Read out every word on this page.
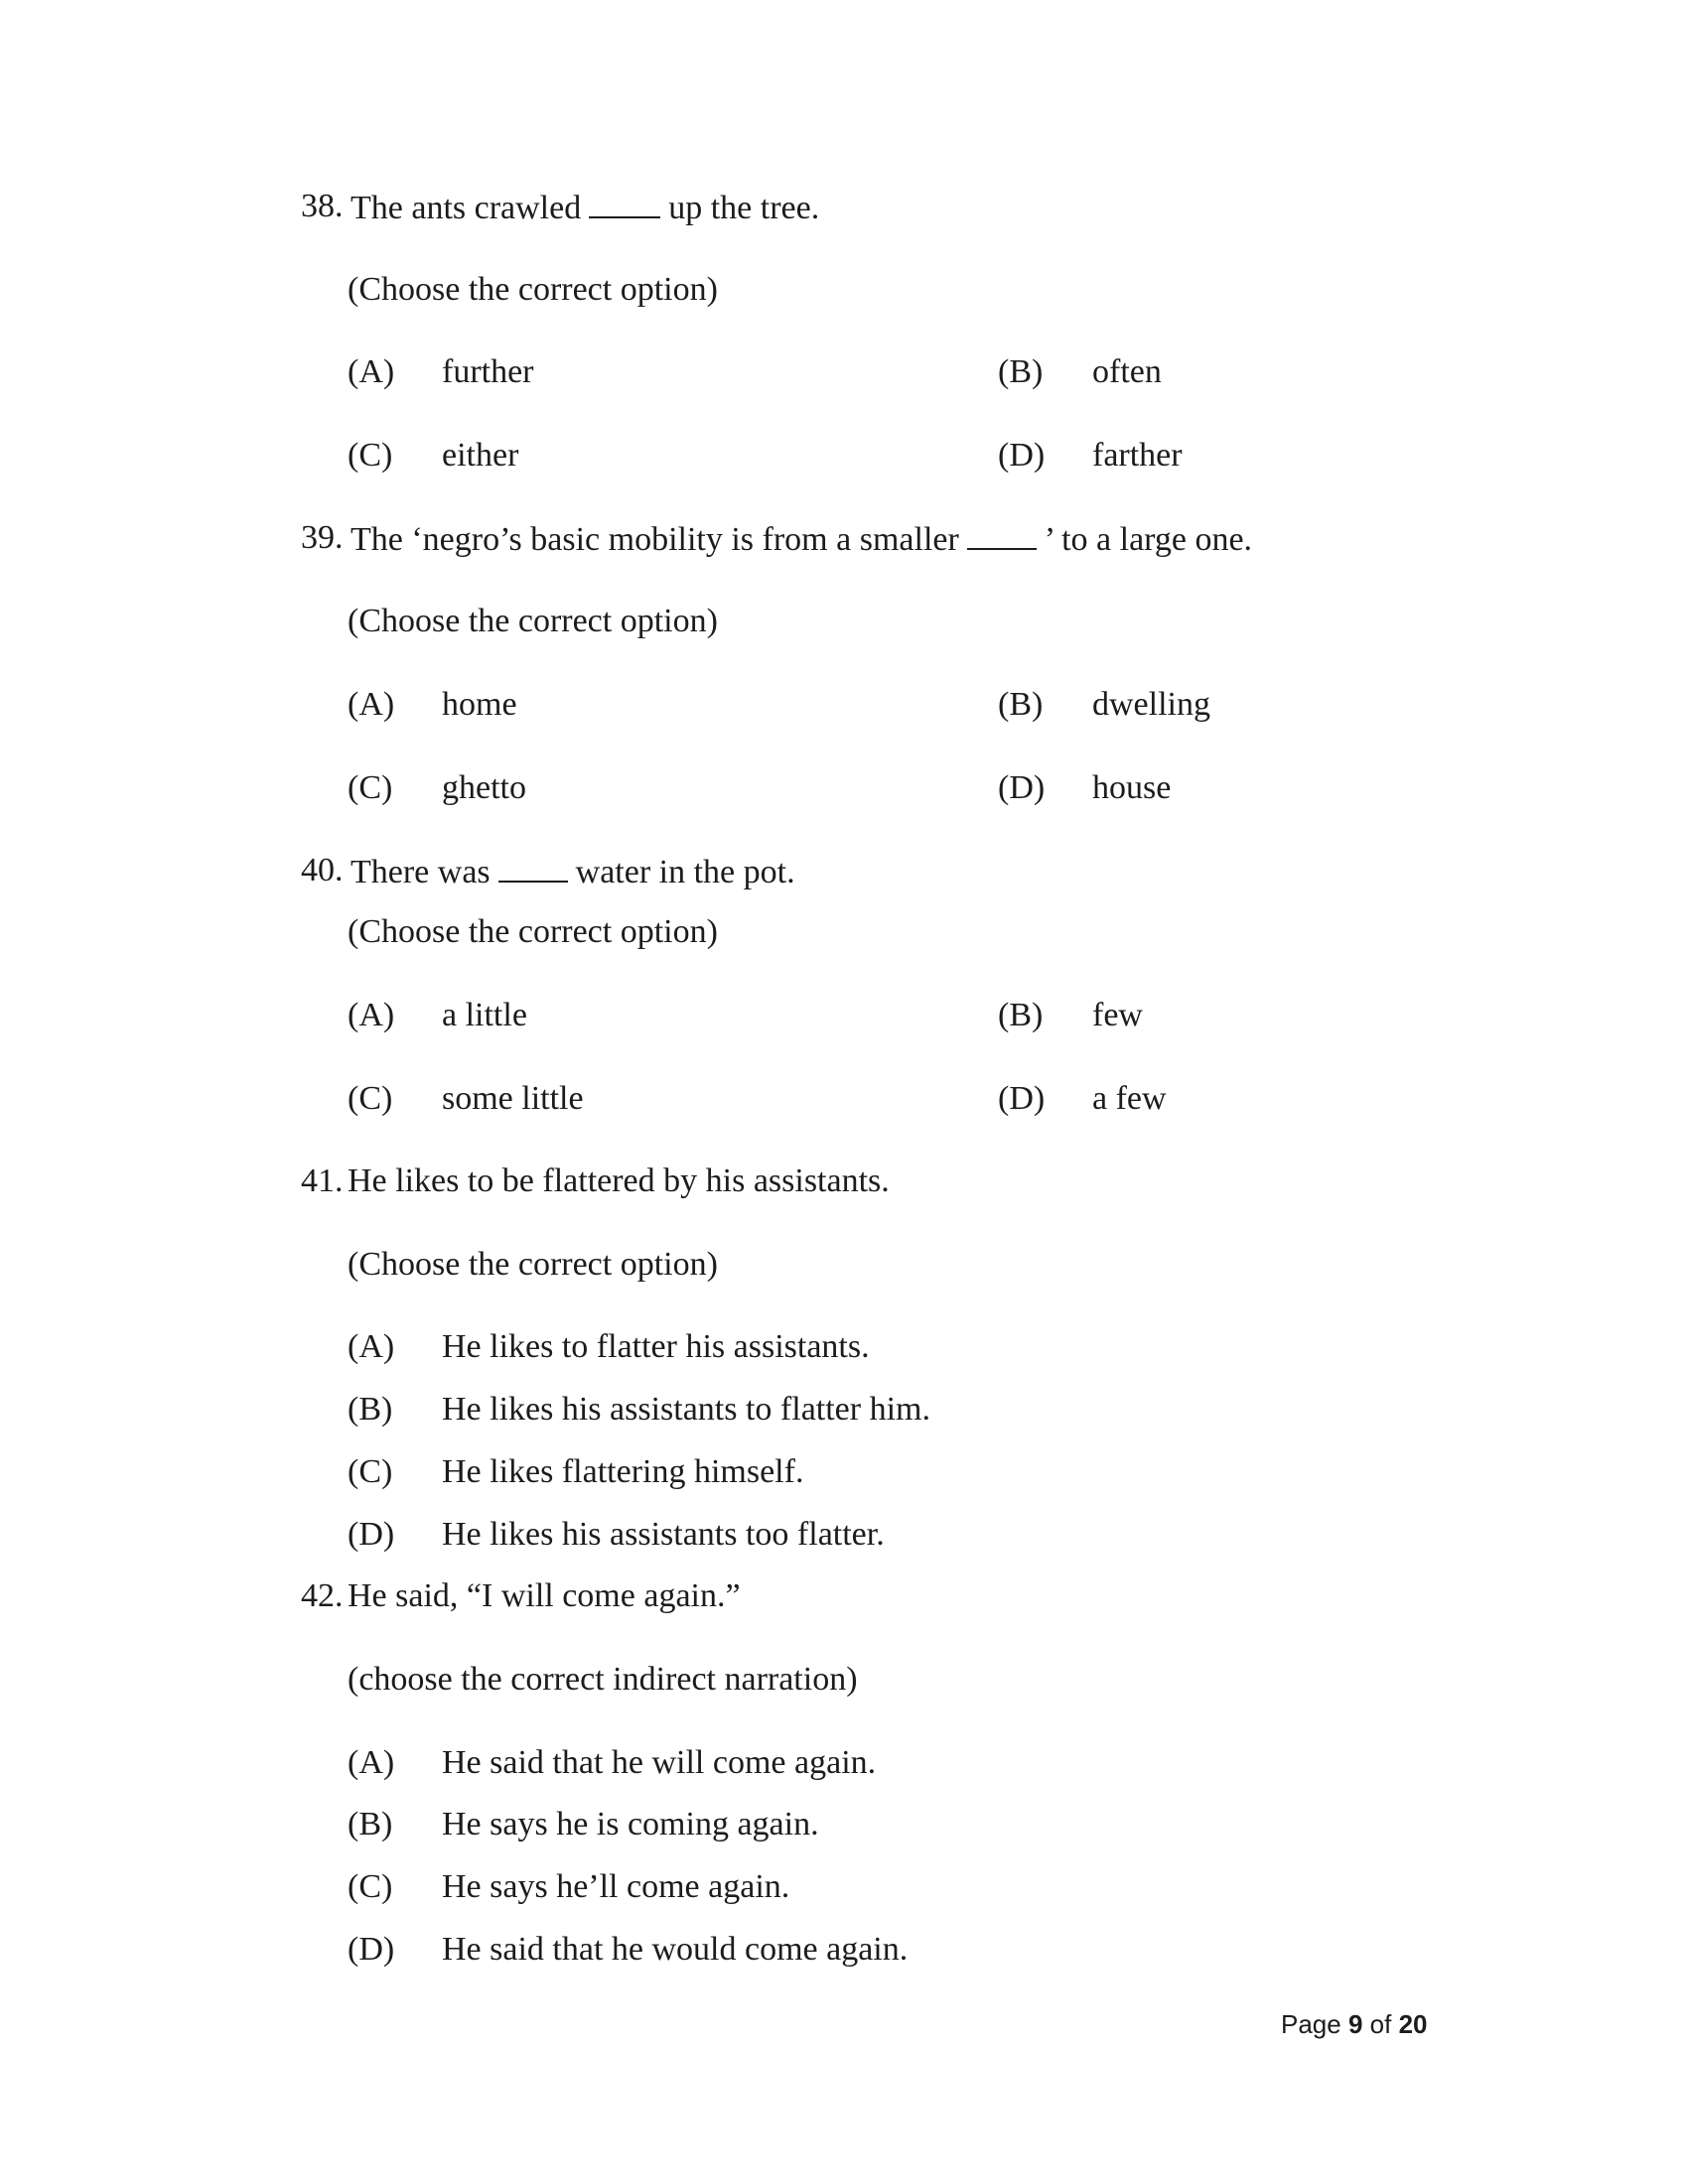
38. The ants crawled	up the tree.
(Choose the correct option)
(A) further	(B) often
(C) either	(D) farther
39. The ‘negro’s basic mobility is from a smaller	’ to a large one.
(Choose the correct option)
(A) home	(B) dwelling
(C) ghetto	(D) house
40. There was	water in the pot.
(Choose the correct option)
(A) a little	(B) few
(C) some little	(D) a few
41. He likes to be flattered by his assistants.
(Choose the correct option)
(A) He likes to flatter his assistants.
(B) He likes his assistants to flatter him.
(C) He likes flattering himself.
(D) He likes his assistants too flatter.
42. He said, “I will come again.”
(choose the correct indirect narration)
(A) He said that he will come again.
(B) He says he is coming again.
(C) He says he’ll come again.
(D) He said that he would come again.
Page 9 of 20
